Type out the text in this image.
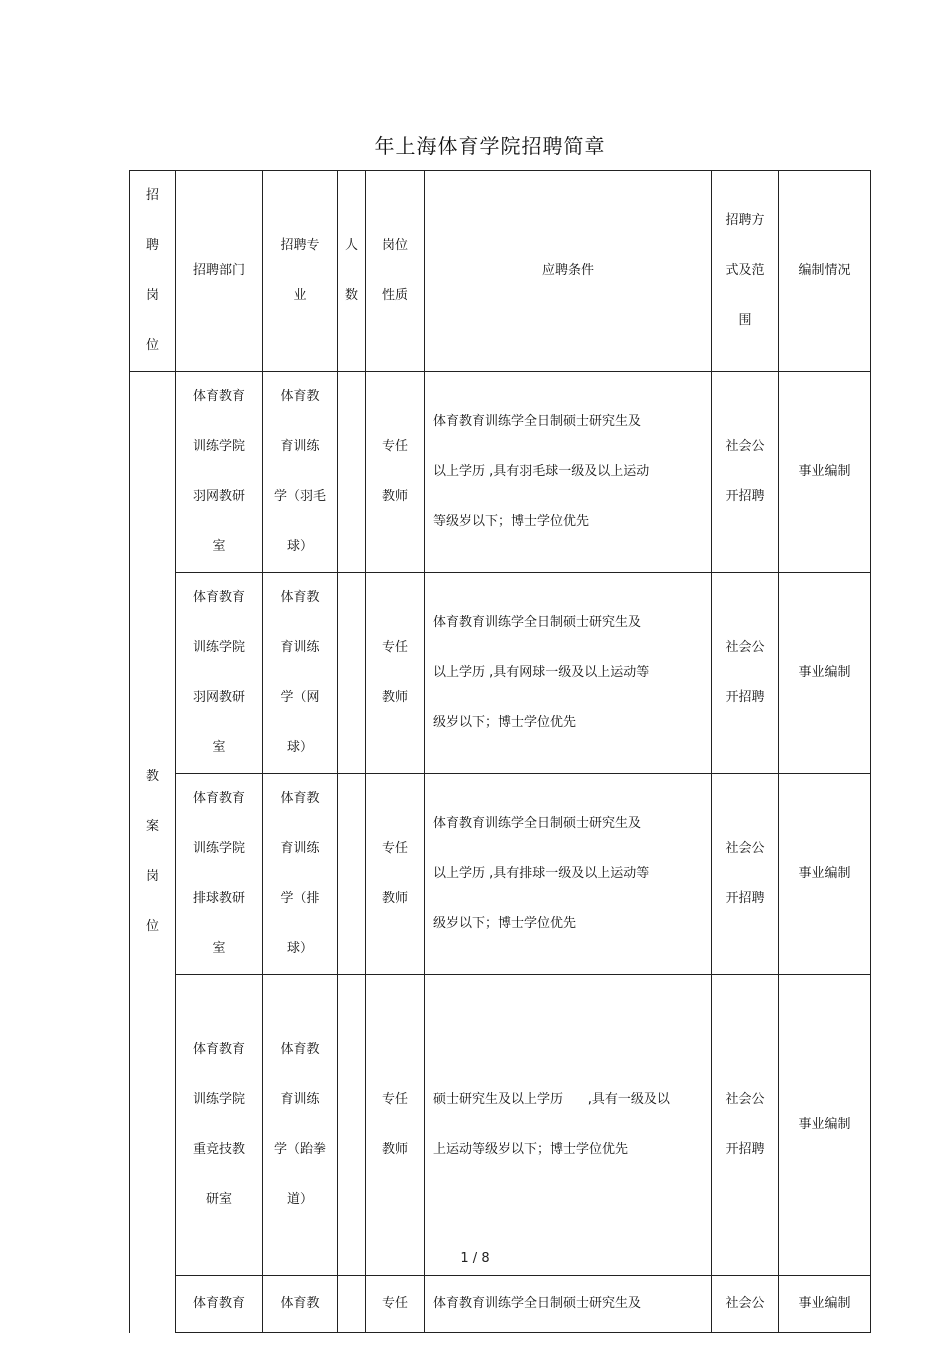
年上海体育学院招聘简章
招
聘
岗
位	招聘部门	招聘专
业	人
数	岗位
性质	应聘条件	招聘方
式及范
围	编制情况

教
案
岗
位	体育教育
训练学院
羽网教研
室	体育教
育训练
学（羽毛
球）		专任
教师	体育教育训练学全日制硕士研究生及
以上学历 ,具有羽毛球一级及以上运动
等级岁以下；博士学位优先	社会公
开招聘	事业编制

	体育教育
训练学院
羽网教研
室	体育教
育训练
学（网
球）		专任
教师	体育教育训练学全日制硕士研究生及
以上学历 ,具有网球一级及以上运动等
级岁以下；博士学位优先	社会公
开招聘	事业编制

	体育教育
训练学院
排球教研
室	体育教
育训练
学（排
球）		专任
教师	体育教育训练学全日制硕士研究生及
以上学历 ,具有排球一级及以上运动等
级岁以下；博士学位优先	社会公
开招聘	事业编制

	体育教育
训练学院
重竞技教
研室	体育教
育训练
学（跆拳
道）		专任
教师	硕士研究生及以上学历      ,具有一级及以
上运动等级岁以下；博士学位优先	社会公
开招聘	事业编制

	体育教育	体育教		专任	体育教育训练学全日制硕士研究生及	社会公	事业编制
1 / 8
